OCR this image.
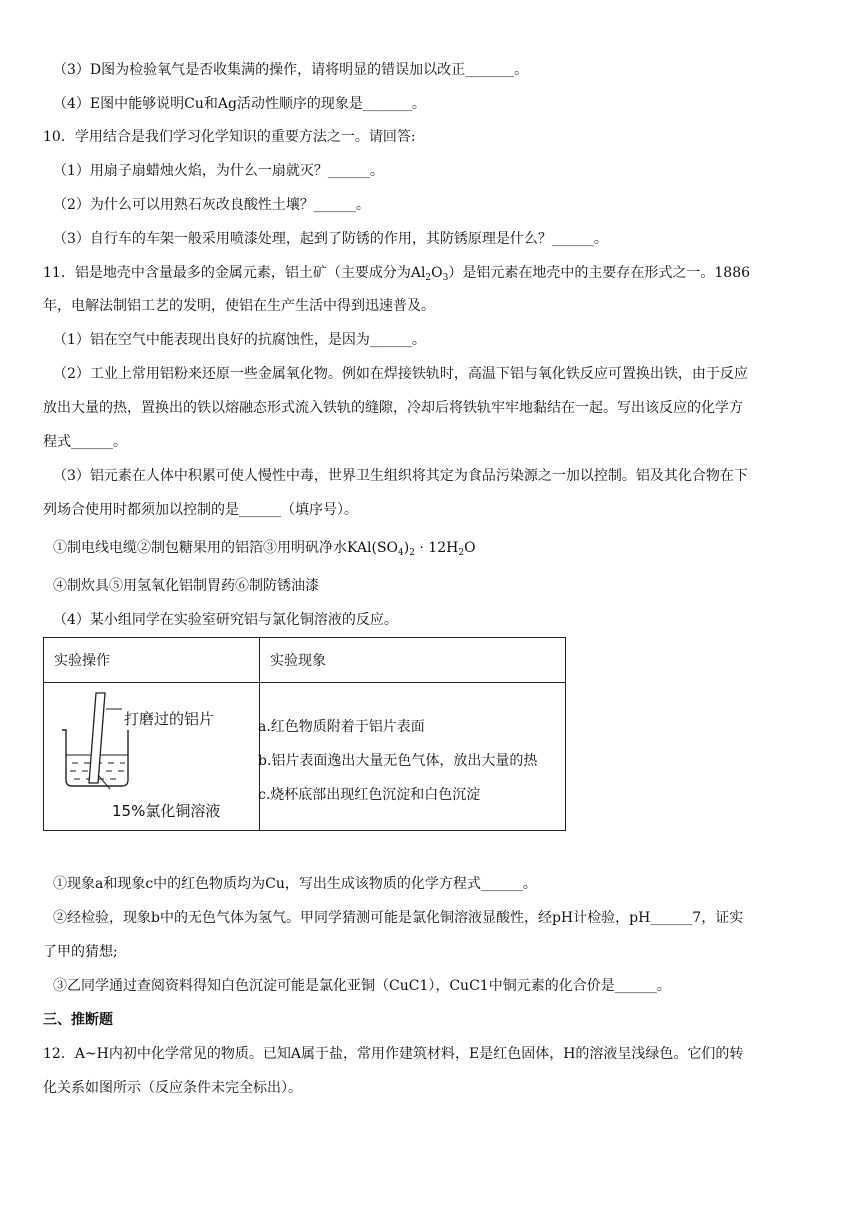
（3）D图为检验氧气是否收集满的操作，请将明显的错误加以改正_______。
（4）E图中能够说明Cu和Ag活动性顺序的现象是_______。
10．学用结合是我们学习化学知识的重要方法之一。请回答:
（1）用扇子扇蜡烛火焰，为什么一扇就灭？______。
（2）为什么可以用熟石灰改良酸性土壤？______。
（3）自行车的车架一般采用喷漆处理，起到了防锈的作用，其防锈原理是什么？______。
11．铝是地壳中含量最多的金属元素，铝土矿（主要成分为$Al_2O_3$）是铝元素在地壳中的主要存在形式之一。1886
年，电解法制铝工艺的发明，使铝在生产生活中得到迅速普及。
（1）铝在空气中能表现出良好的抗腐蚀性，是因为______。
（2）工业上常用铝粉来还原一些金属氧化物。例如在焊接铁轨时，高温下铝与氧化铁反应可置换出铁，由于反应
放出大量的热，置换出的铁以熔融态形式流入铁轨的缝隙，冷却后将铁轨牢牢地黏结在一起。写出该反应的化学方
程式______。
（3）铝元素在人体中积累可使人慢性中毒，世界卫生组织将其定为食品污染源之一加以控制。铝及其化合物在下
列场合使用时都须加以控制的是______（填序号）。
①制电线电缆②制包糖果用的铝箔③用明矾净水$KAl(SO_4)_2 \cdot 12H_2O$
④制炊具⑤用氢氧化铝制胃药⑥制防锈油漆
（4）某小组同学在实验室研究铝与氯化铜溶液的反应。
实验操作	实验现象

打磨过的铝片
15%氯化铜溶液
a.红色物质附着于铝片表面
b.铝片表面逸出大量无色气体，放出大量的热
c.烧杯底部出现红色沉淀和白色沉淀
①现象a和现象c中的红色物质均为Cu，写出生成该物质的化学方程式______。
②经检验，现象b中的无色气体为氢气。甲同学猜测可能是氯化铜溶液显酸性，经pH计检验，pH______7，证实
了甲的猜想;
③乙同学通过查阅资料得知白色沉淀可能是氯化亚铜（CuC1），CuC1中铜元素的化合价是______。
三、推断题
12．A~H内初中化学常见的物质。已知A属于盐，常用作建筑材料，E是红色固体，H的溶液呈浅绿色。它们的转
化关系如图所示（反应条件未完全标出）。
